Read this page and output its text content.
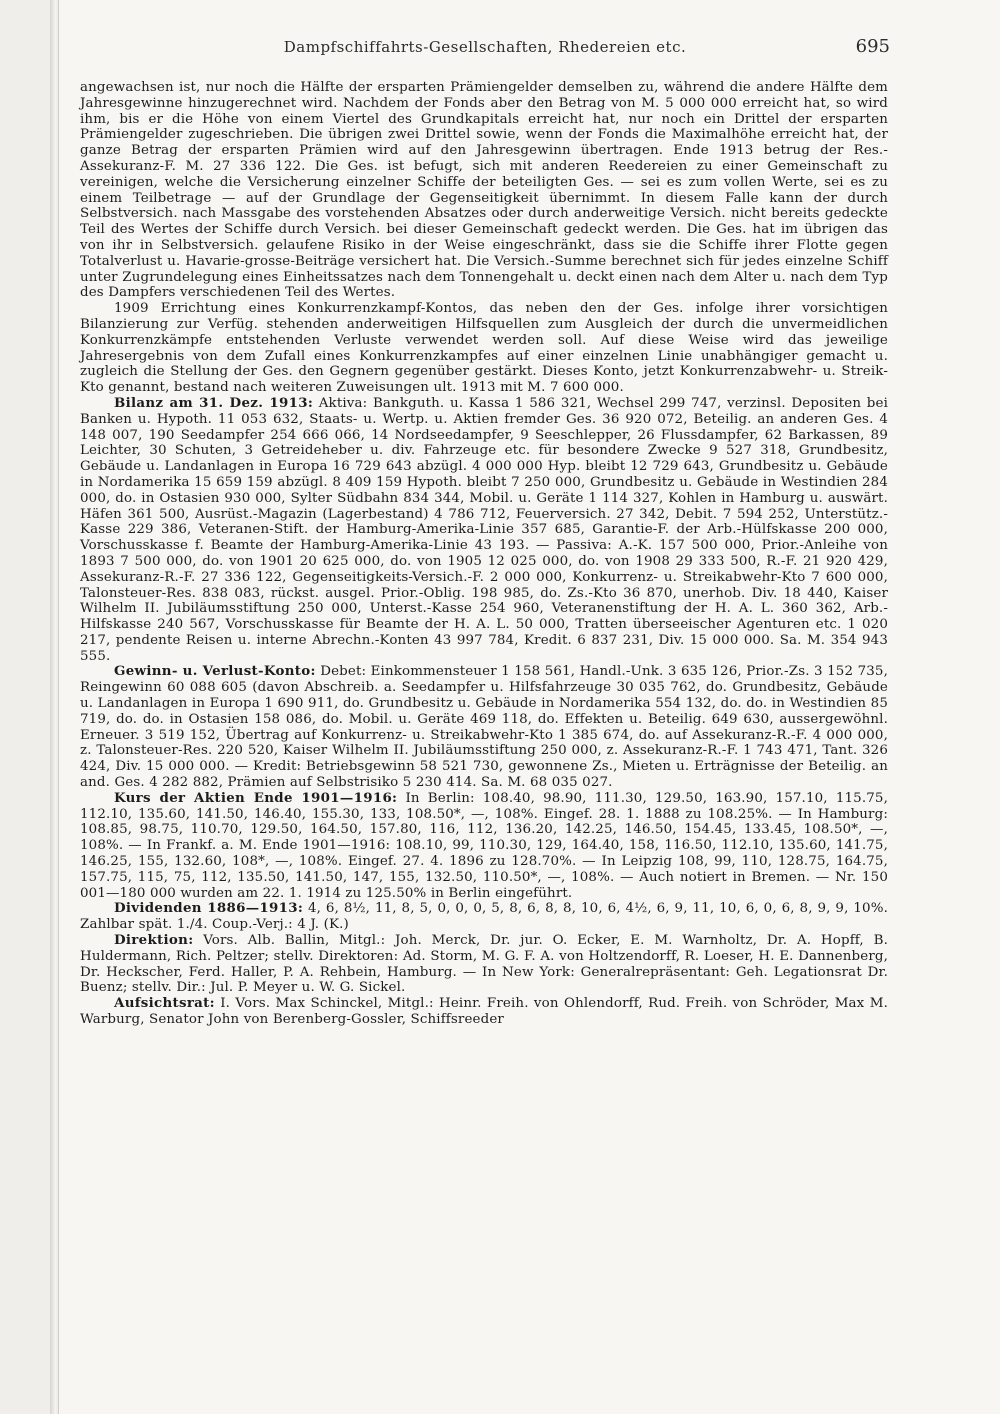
Dampfschiffahrts-Gesellschaften, Rhedereien etc.	695

angewachsen ist, nur noch die Hälfte der ersparten Prämiengelder demselben zu, während die andere Hälfte dem Jahresgewinne hinzugerechnet wird. Nachdem der Fonds aber den Betrag von M. 5 000 000 erreicht hat, so wird ihm, bis er die Höhe von einem Viertel des Grundkapitals erreicht hat, nur noch ein Drittel der ersparten Prämiengelder zugeschrieben. Die übrigen zwei Drittel sowie, wenn der Fonds die Maximalhöhe erreicht hat, der ganze Betrag der ersparten Prämien wird auf den Jahresgewinn übertragen. Ende 1913 betrug der Res.-Assekuranz-F. M. 27 336 122. Die Ges. ist befugt, sich mit anderen Reedereien zu einer Gemeinschaft zu vereinigen, welche die Versicherung einzelner Schiffe der beteiligten Ges. — sei es zum vollen Werte, sei es zu einem Teilbetrage — auf der Grundlage der Gegenseitigkeit übernimmt. In diesem Falle kann der durch Selbstversich. nach Massgabe des vorstehenden Absatzes oder durch anderweitige Versich. nicht bereits gedeckte Teil des Wertes der Schiffe durch Versich. bei dieser Gemeinschaft gedeckt werden. Die Ges. hat im übrigen das von ihr in Selbstversich. gelaufene Risiko in der Weise eingeschränkt, dass sie die Schiffe ihrer Flotte gegen Totalverlust u. Havarie-grosse-Beiträge versichert hat. Die Versich.-Summe berechnet sich für jedes einzelne Schiff unter Zugrundelegung eines Einheitssatzes nach dem Tonnengehalt u. deckt einen nach dem Alter u. nach dem Typ des Dampfers verschiedenen Teil des Wertes.

1909 Errichtung eines Konkurrenzkampf-Kontos, das neben den der Ges. infolge ihrer vorsichtigen Bilanzierung zur Verfüg. stehenden anderweitigen Hilfsquellen zum Ausgleich der durch die unvermeidlichen Konkurrenzkämpfe entstehenden Verluste verwendet werden soll. Auf diese Weise wird das jeweilige Jahresergebnis von dem Zufall eines Konkurrenzkampfes auf einer einzelnen Linie unabhängiger gemacht u. zugleich die Stellung der Ges. den Gegnern gegenüber gestärkt. Dieses Konto, jetzt Konkurrenzabwehr- u. Streik-Kto genannt, bestand nach weiteren Zuweisungen ult. 1913 mit M. 7 600 000.

Bilanz am 31. Dez. 1913: Aktiva: Bankguth. u. Kassa 1 586 321, Wechsel 299 747, verzinsl. Depositen bei Banken u. Hypoth. 11 053 632, Staats- u. Wertp. u. Aktien fremder Ges. 36 920 072, Beteilig. an anderen Ges. 4 148 007, 190 Seedampfer 254 666 066, 14 Nordseedampfer, 9 Seeschlepper, 26 Flussdampfer, 62 Barkassen, 89 Leichter, 30 Schuten, 3 Getreideheber u. div. Fahrzeuge etc. für besondere Zwecke 9 527 318, Grundbesitz, Gebäude u. Landanlagen in Europa 16 729 643 abzügl. 4 000 000 Hyp. bleibt 12 729 643, Grundbesitz u. Gebäude in Nordamerika 15 659 159 abzügl. 8 409 159 Hypoth. bleibt 7 250 000, Grundbesitz u. Gebäude in Westindien 284 000, do. in Ostasien 930 000, Sylter Südbahn 834 344, Mobil. u. Geräte 1 114 327, Kohlen in Hamburg u. auswärt. Häfen 361 500, Ausrüst.-Magazin (Lagerbestand) 4 786 712, Feuerversich. 27 342, Debit. 7 594 252, Unterstütz.-Kasse 229 386, Veteranen-Stift. der Hamburg-Amerika-Linie 357 685, Garantie-F. der Arb.-Hülfskasse 200 000, Vorschusskasse f. Beamte der Hamburg-Amerika-Linie 43 193. — Passiva: A.-K. 157 500 000, Prior.-Anleihe von 1893 7 500 000, do. von 1901 20 625 000, do. von 1905 12 025 000, do. von 1908 29 333 500, R.-F. 21 920 429, Assekuranz-R.-F. 27 336 122, Gegenseitigkeits-Versich.-F. 2 000 000, Konkurrenz- u. Streikabwehr-Kto 7 600 000, Talonsteuer-Res. 838 083, rückst. ausgel. Prior.-Oblig. 198 985, do. Zs.-Kto 36 870, unerhob. Div. 18 440, Kaiser Wilhelm II. Jubiläumsstiftung 250 000, Unterst.-Kasse 254 960, Veteranenstiftung der H. A. L. 360 362, Arb.-Hilfskasse 240 567, Vorschusskasse für Beamte der H. A. L. 50 000, Tratten überseeischer Agenturen etc. 1 020 217, pendente Reisen u. interne Abrechn.-Konten 43 997 784, Kredit. 6 837 231, Div. 15 000 000. Sa. M. 354 943 555.

Gewinn- u. Verlust-Konto: Debet: Einkommensteuer 1 158 561, Handl.-Unk. 3 635 126, Prior.-Zs. 3 152 735, Reingewinn 60 088 605 (davon Abschreib. a. Seedampfer u. Hilfsfahrzeuge 30 035 762, do. Grundbesitz, Gebäude u. Landanlagen in Europa 1 690 911, do. Grundbesitz u. Gebäude in Nordamerika 554 132, do. do. in Westindien 85 719, do. do. in Ostasien 158 086, do. Mobil. u. Geräte 469 118, do. Effekten u. Beteilig. 649 630, aussergewöhnl. Erneuer. 3 519 152, Übertrag auf Konkurrenz- u. Streikabwehr-Kto 1 385 674, do. auf Assekuranz-R.-F. 4 000 000, z. Talonsteuer-Res. 220 520, Kaiser Wilhelm II. Jubiläumsstiftung 250 000, z. Assekuranz-R.-F. 1 743 471, Tant. 326 424, Div. 15 000 000. — Kredit: Betriebsgewinn 58 521 730, gewonnene Zs., Mieten u. Erträgnisse der Beteilig. an and. Ges. 4 282 882, Prämien auf Selbstrisiko 5 230 414. Sa. M. 68 035 027.

Kurs der Aktien Ende 1901—1916: In Berlin: 108.40, 98.90, 111.30, 129.50, 163.90, 157.10, 115.75, 112.10, 135.60, 141.50, 146.40, 155.30, 133, 108.50*, —, 108%. Eingef. 28. 1. 1888 zu 108.25%. — In Hamburg: 108.85, 98.75, 110.70, 129.50, 164.50, 157.80, 116, 112, 136.20, 142.25, 146.50, 154.45, 133.45, 108.50*, —, 108%. — In Frankf. a. M. Ende 1901—1916: 108.10, 99, 110.30, 129, 164.40, 158, 116.50, 112.10, 135.60, 141.75, 146.25, 155, 132.60, 108*, —, 108%. Eingef. 27. 4. 1896 zu 128.70%. — In Leipzig 108, 99, 110, 128.75, 164.75, 157.75, 115, 75, 112, 135.50, 141.50, 147, 155, 132.50, 110.50*, —, 108%. — Auch notiert in Bremen. — Nr. 150 001—180 000 wurden am 22. 1. 1914 zu 125.50% in Berlin eingeführt.

Dividenden 1886—1913: 4, 6, 8½, 11, 8, 5, 0, 0, 0, 5, 8, 6, 8, 8, 10, 6, 4½, 6, 9, 11, 10, 6, 0, 6, 8, 9, 9, 10%. Zahlbar spät. 1./4. Coup.-Verj.: 4 J. (K.)

Direktion: Vors. Alb. Ballin, Mitgl.: Joh. Merck, Dr. jur. O. Ecker, E. M. Warnholtz, Dr. A. Hopff, B. Huldermann, Rich. Peltzer; stellv. Direktoren: Ad. Storm, M. G. F. A. von Holtzendorff, R. Loeser, H. E. Dannenberg, Dr. Heckscher, Ferd. Haller, P. A. Rehbein, Hamburg. — In New York: Generalrepräsentant: Geh. Legationsrat Dr. Buenz; stellv. Dir.: Jul. P. Meyer u. W. G. Sickel.

Aufsichtsrat: I. Vors. Max Schinckel, Mitgl.: Heinr. Freih. von Ohlendorff, Rud. Freih. von Schröder, Max M. Warburg, Senator John von Berenberg-Gossler, Schiffsreeder
